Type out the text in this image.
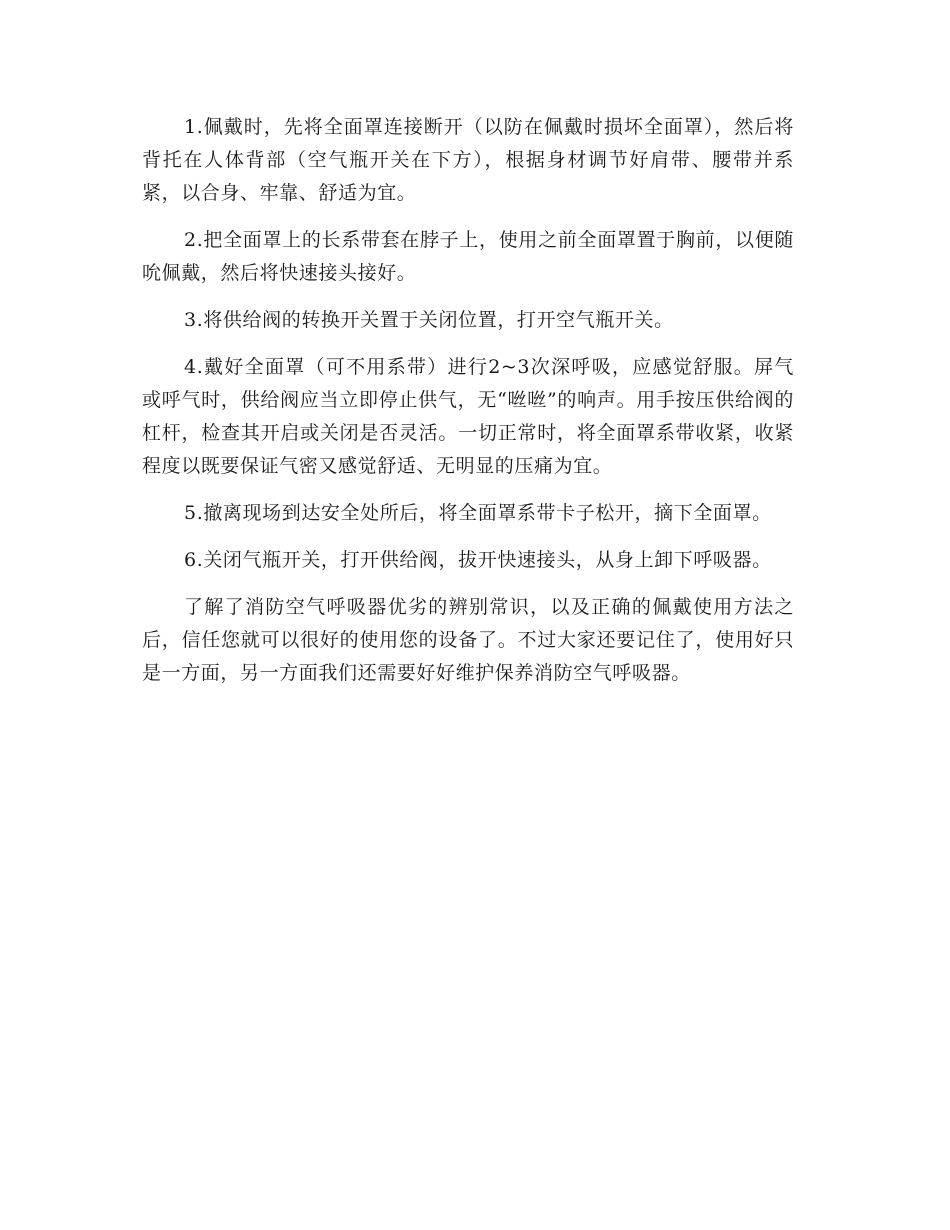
1.佩戴时，先将全面罩连接断开（以防在佩戴时损坏全面罩），然后将背托在人体背部（空气瓶开关在下方），根据身材调节好肩带、腰带并系紧，以合身、牢靠、舒适为宜。

2.把全面罩上的长系带套在脖子上，使用之前全面罩置于胸前，以便随吮佩戴，然后将快速接头接好。

3.将供给阀的转换开关置于关闭位置，打开空气瓶开关。

4.戴好全面罩（可不用系带）进行2~3次深呼吸，应感觉舒服。屏气或呼气时，供给阀应当立即停止供气，无“咝咝”的响声。用手按压供给阀的杠杆，检查其开启或关闭是否灵活。一切正常时，将全面罩系带收紧，收紧程度以既要保证气密又感觉舒适、无明显的压痛为宜。

5.撤离现场到达安全处所后，将全面罩系带卡子松开，摘下全面罩。

6.关闭气瓶开关，打开供给阀，拔开快速接头，从身上卸下呼吸器。

了解了消防空气呼吸器优劣的辨别常识，以及正确的佩戴使用方法之后，信任您就可以很好的使用您的设备了。不过大家还要记住了，使用好只是一方面，另一方面我们还需要好好维护保养消防空气呼吸器。
